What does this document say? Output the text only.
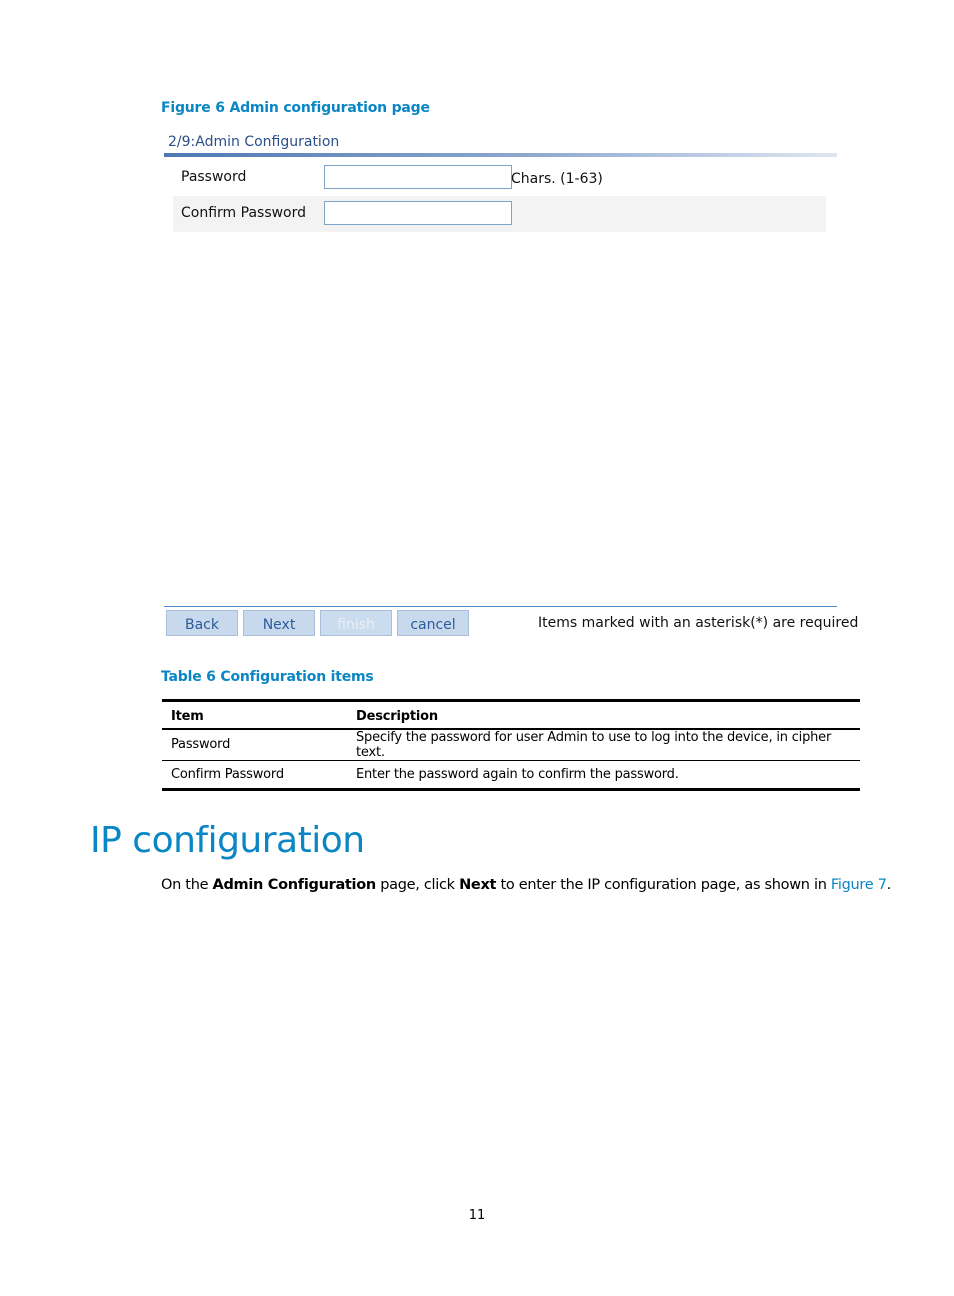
Figure 6 Admin configuration page
2/9:Admin Configuration
Password	Chars. (1-63)
Confirm Password
Back	Next	finish	cancel	Items marked with an asterisk(*) are required
Table 6 Configuration items
Item	Description
Password	Specify the password for user Admin to use to log into the device, in cipher text.
Confirm Password	Enter the password again to confirm the password.
IP configuration

On the Admin Configuration page, click Next to enter the IP configuration page, as shown in Figure 7.

11
